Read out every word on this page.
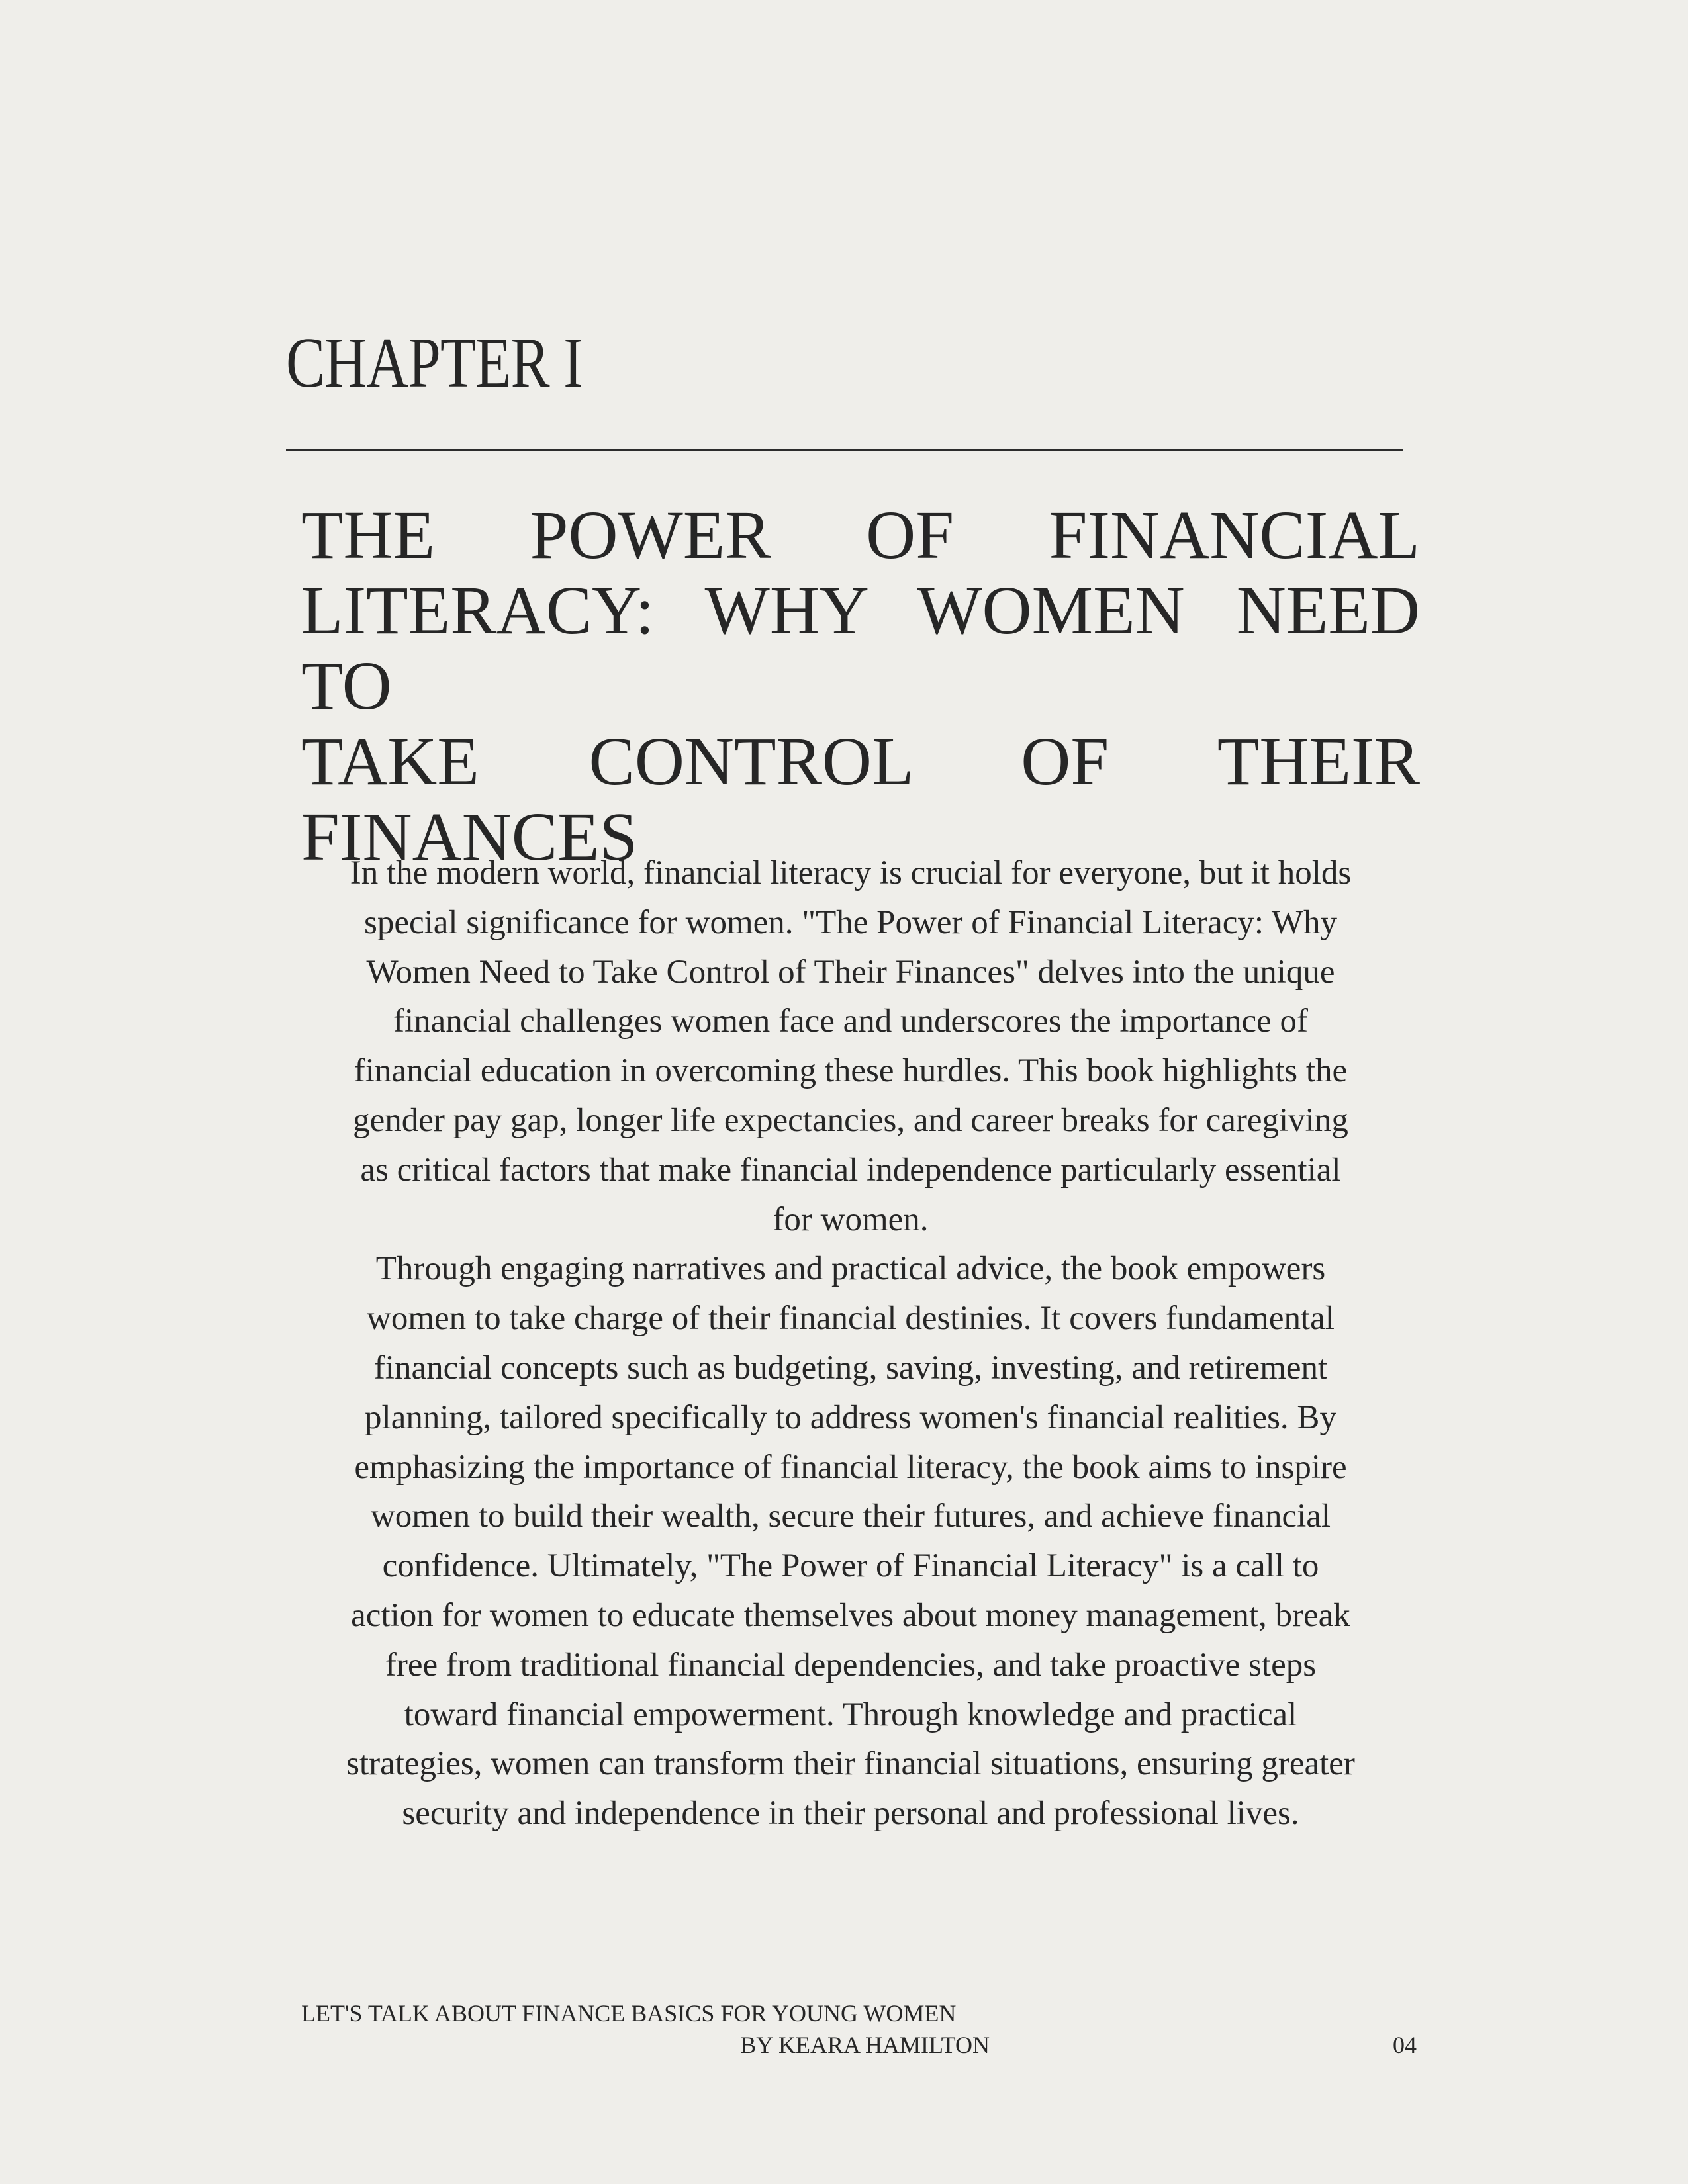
CHAPTER I
THE POWER OF FINANCIAL
LITERACY: WHY WOMEN NEED TO
TAKE CONTROL OF THEIR
FINANCES

In the modern world, financial literacy is crucial for everyone, but it holds special significance for women. "The Power of Financial Literacy: Why Women Need to Take Control of Their Finances" delves into the unique financial challenges women face and underscores the importance of financial education in overcoming these hurdles. This book highlights the gender pay gap, longer life expectancies, and career breaks for caregiving as critical factors that make financial independence particularly essential for women.

Through engaging narratives and practical advice, the book empowers women to take charge of their financial destinies. It covers fundamental financial concepts such as budgeting, saving, investing, and retirement planning, tailored specifically to address women's financial realities. By emphasizing the importance of financial literacy, the book aims to inspire women to build their wealth, secure their futures, and achieve financial confidence. Ultimately, "The Power of Financial Literacy" is a call to action for women to educate themselves about money management, break free from traditional financial dependencies, and take proactive steps toward financial empowerment. Through knowledge and practical strategies, women can transform their financial situations, ensuring greater security and independence in their personal and professional lives.

LET'S TALK ABOUT FINANCE BASICS FOR YOUNG WOMEN
BY KEARA HAMILTON	04
